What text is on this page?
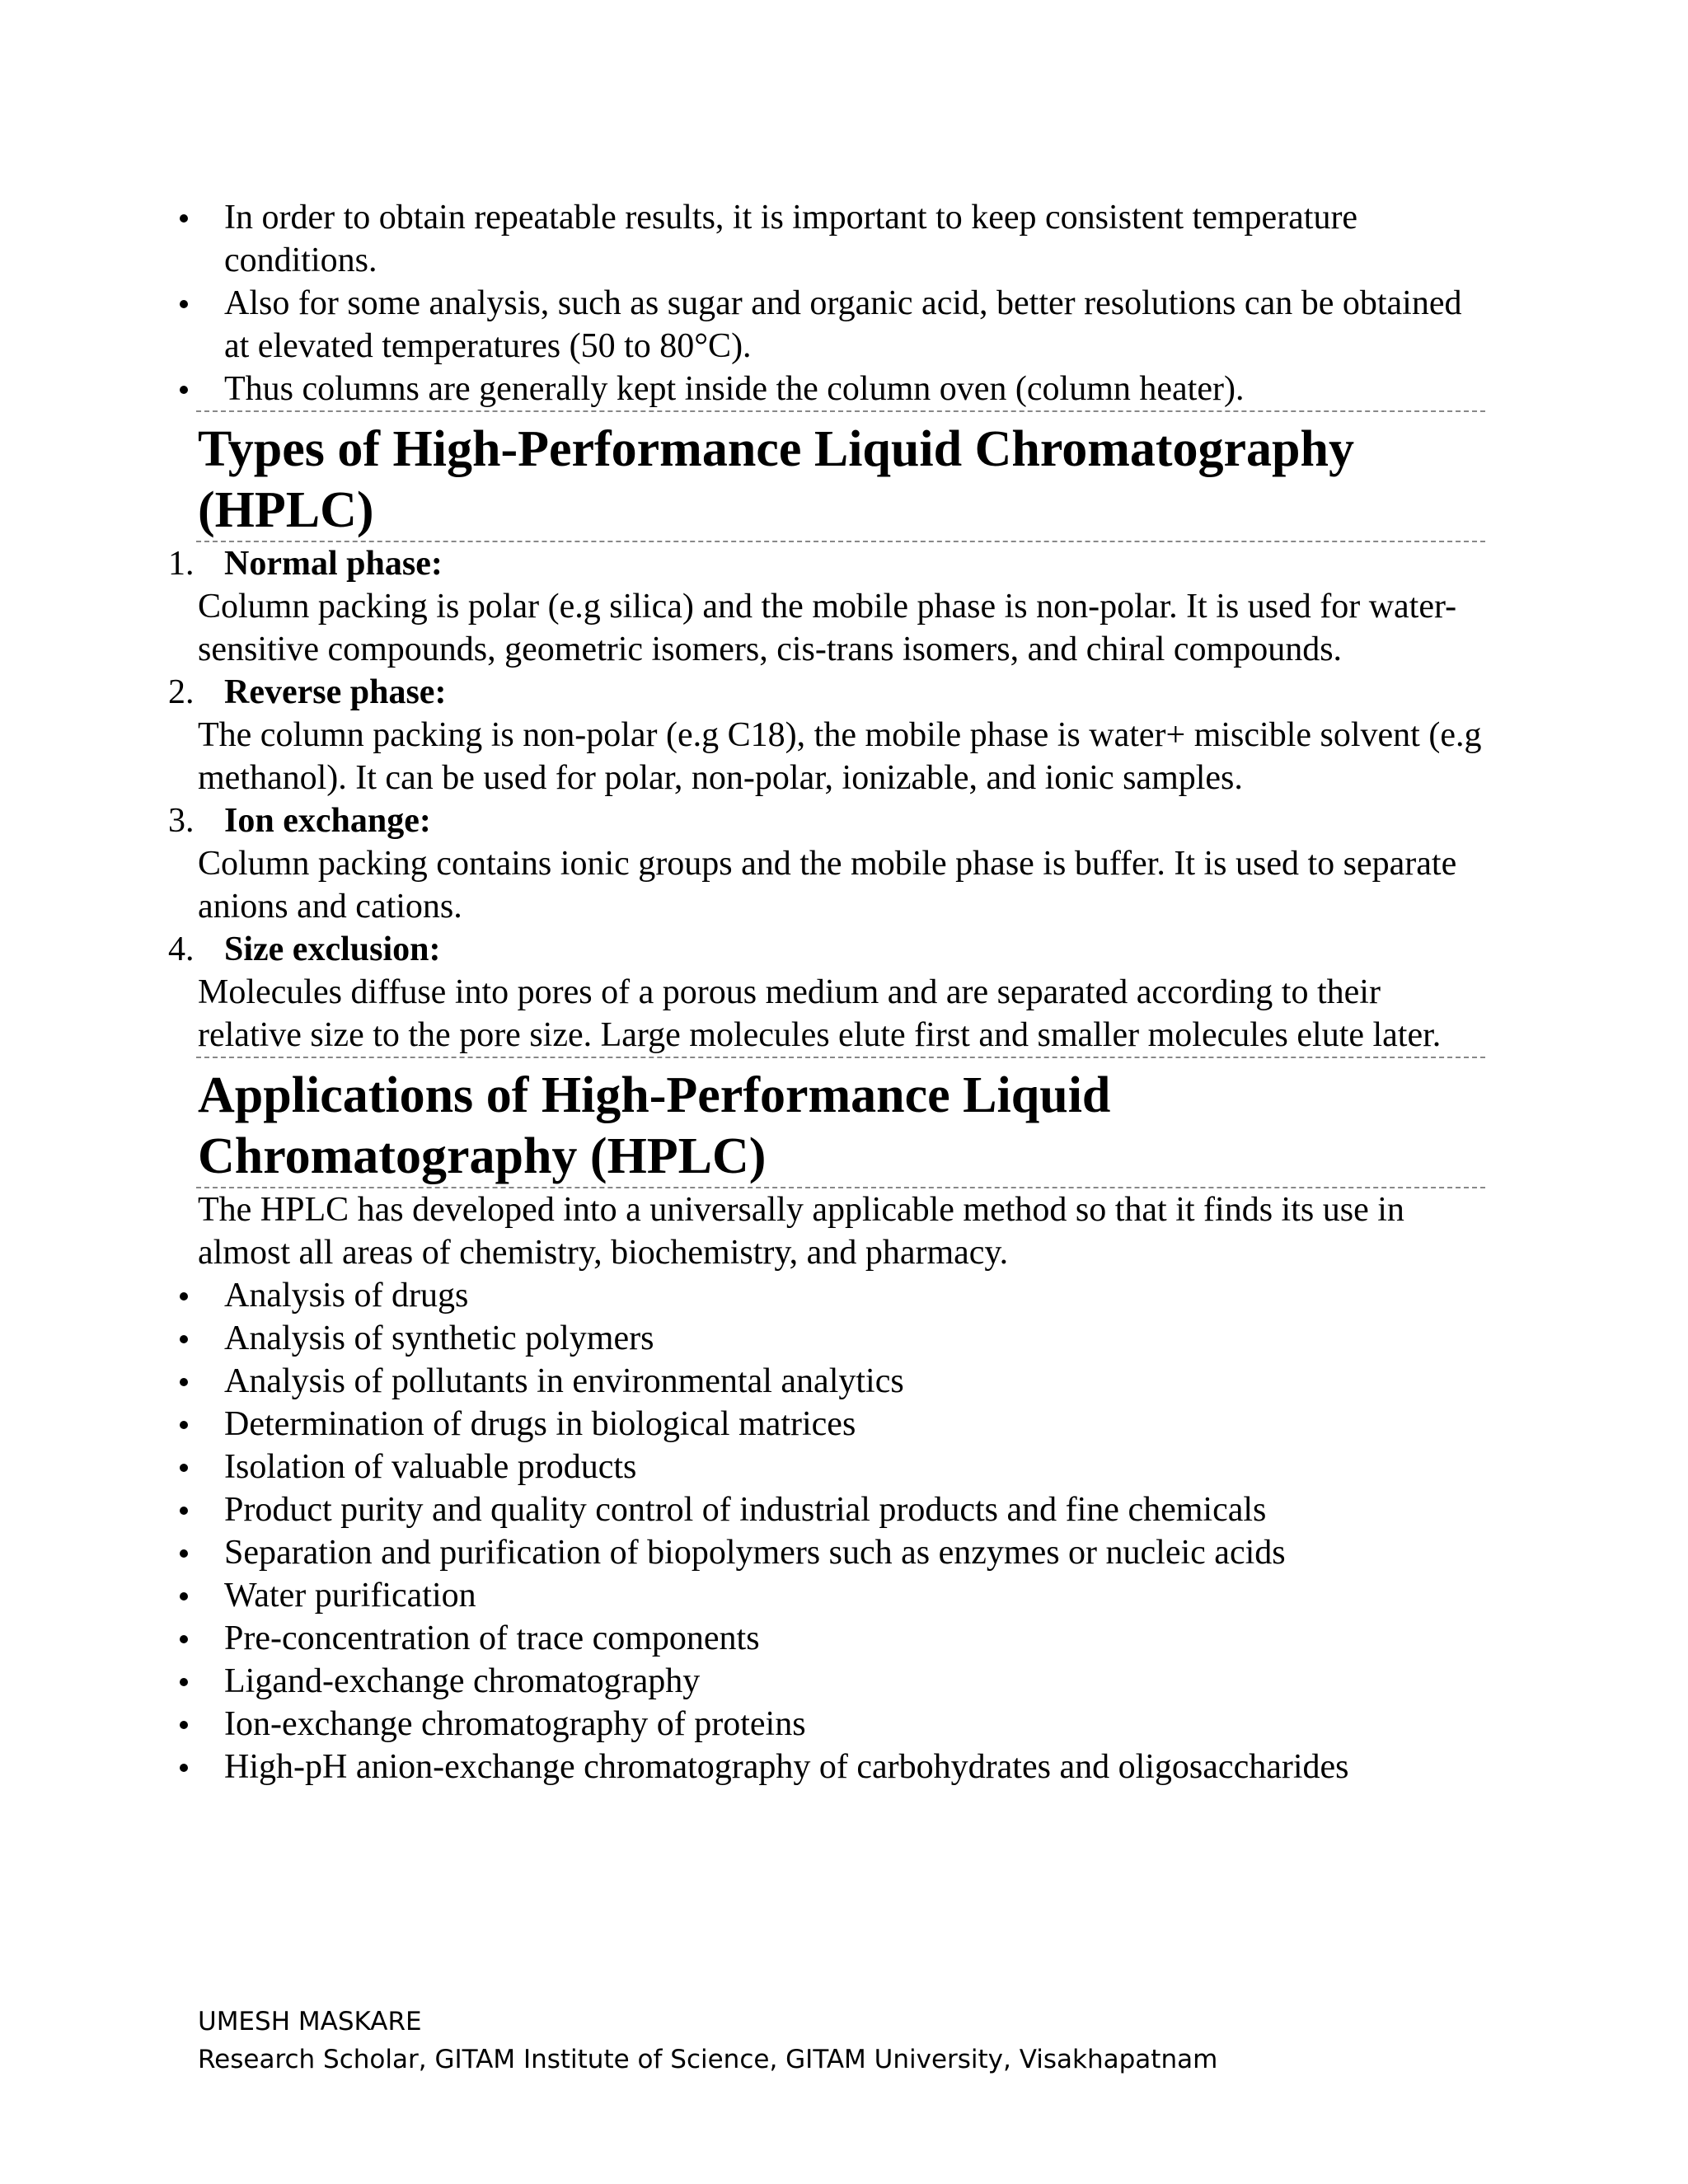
In order to obtain repeatable results, it is important to keep consistent temperature conditions.
Also for some analysis, such as sugar and organic acid, better resolutions can be obtained at elevated temperatures (50 to 80°C).
Thus columns are generally kept inside the column oven (column heater).
Types of High-Performance Liquid Chromatography (HPLC)
1. Normal phase:
Column packing is polar (e.g silica) and the mobile phase is non-polar. It is used for water-sensitive compounds, geometric isomers, cis-trans isomers, and chiral compounds.
2. Reverse phase:
The column packing is non-polar (e.g C18), the mobile phase is water+ miscible solvent (e.g methanol). It can be used for polar, non-polar, ionizable, and ionic samples.
3. Ion exchange:
Column packing contains ionic groups and the mobile phase is buffer. It is used to separate anions and cations.
4. Size exclusion:
Molecules diffuse into pores of a porous medium and are separated according to their relative size to the pore size. Large molecules elute first and smaller molecules elute later.
Applications of High-Performance Liquid Chromatography (HPLC)
The HPLC has developed into a universally applicable method so that it finds its use in almost all areas of chemistry, biochemistry, and pharmacy.
Analysis of drugs
Analysis of synthetic polymers
Analysis of pollutants in environmental analytics
Determination of drugs in biological matrices
Isolation of valuable products
Product purity and quality control of industrial products and fine chemicals
Separation and purification of biopolymers such as enzymes or nucleic acids
Water purification
Pre-concentration of trace components
Ligand-exchange chromatography
Ion-exchange chromatography of proteins
High-pH anion-exchange chromatography of carbohydrates and oligosaccharides
UMESH MASKARE
Research Scholar, GITAM Institute of Science, GITAM University, Visakhapatnam
